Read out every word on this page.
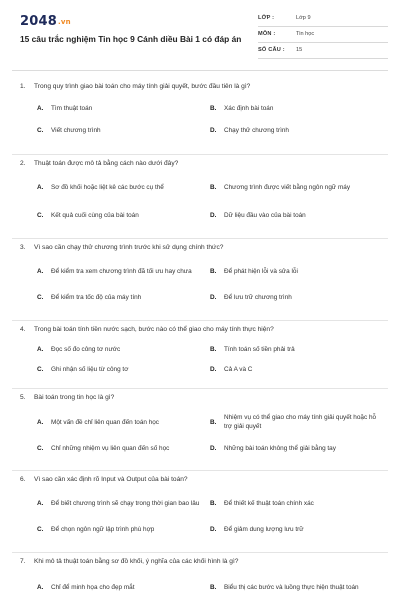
2048.vn
15 câu trắc nghiệm Tin học 9 Cánh diều Bài 1 có đáp án
LỚP :	Lớp 9
MÔN :	Tin học
SỐ CÂU : 15
1. Trong quy trình giao bài toán cho máy tính giải quyết, bước đầu tiên là gì?
A.	Tìm thuật toán	B.	Xác định bài toán
C.	Viết chương trình	D.	Chạy thử chương trình
2. Thuật toán được mô tả bằng cách nào dưới đây?
A.	Sơ đồ khối hoặc liệt kê các bước cụ thể	B.	Chương trình được viết bằng ngôn ngữ máy
C.	Kết quả cuối cùng của bài toán	D.	Dữ liệu đầu vào của bài toán
3. Vì sao cần chạy thử chương trình trước khi sử dụng chính thức?
A.	Để kiểm tra xem chương trình đã tối ưu hay chưa	B.	Để phát hiện lỗi và sửa lỗi
C.	Để kiểm tra tốc độ của máy tính	D.	Để lưu trữ chương trình
4. Trong bài toán tính tiền nước sạch, bước nào có thể giao cho máy tính thực hiện?
A.	Đọc số đo công tơ nước	B.	Tính toán số tiền phải trả
C.	Ghi nhận số liệu từ công tơ	D.	Cả A và C
5. Bài toán trong tin học là gì?
A.	Một vấn đề chỉ liên quan đến toán học	B.
Nhiệm vụ có thể giao cho máy tính giải quyết hoặc hỗ trợ giải quyết
C.	Chỉ những nhiệm vụ liên quan đến số học	D.	Những bài toán không thể giải bằng tay
6. Vì sao cần xác định rõ Input và Output của bài toán?
A.	Để biết chương trình sẽ chạy trong thời gian bao lâu	B.	Để thiết kế thuật toán chính xác
C.	Để chọn ngôn ngữ lập trình phù hợp	D.	Để giảm dung lượng lưu trữ
7. Khi mô tả thuật toán bằng sơ đồ khối, ý nghĩa của các khối hình là gì?
A.	Chỉ để minh họa cho đẹp mắt	B.	Biểu thị các bước và luồng thực hiện thuật toán
